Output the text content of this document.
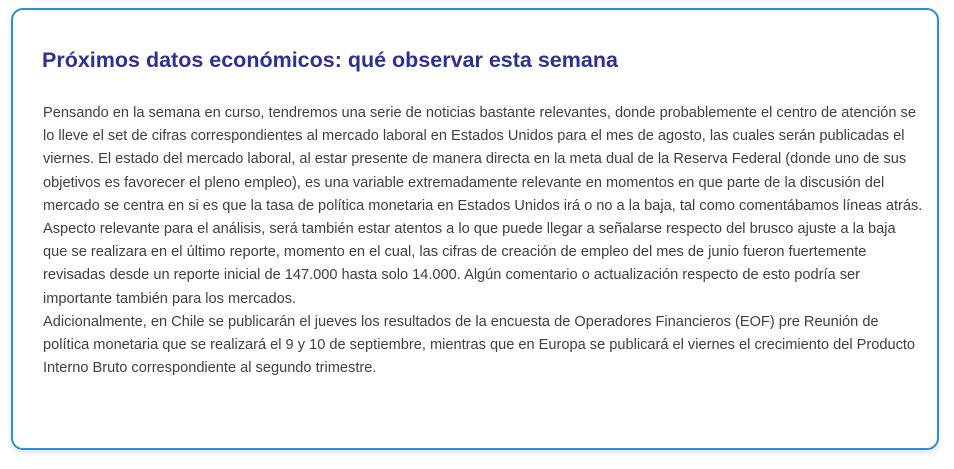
Próximos datos económicos: qué observar esta semana

Pensando en la semana en curso, tendremos una serie de noticias bastante relevantes, donde probablemente el centro de atención se lo lleve el set de cifras correspondientes al mercado laboral en Estados Unidos para el mes de agosto, las cuales serán publicadas el viernes. El estado del mercado laboral, al estar presente de manera directa en la meta dual de la Reserva Federal (donde uno de sus objetivos es favorecer el pleno empleo), es una variable extremadamente relevante en momentos en que parte de la discusión del mercado se centra en si es que la tasa de política monetaria en Estados Unidos irá o no a la baja, tal como comentábamos líneas atrás. Aspecto relevante para el análisis, será también estar atentos a lo que puede llegar a señalarse respecto del brusco ajuste a la baja que se realizara en el último reporte, momento en el cual, las cifras de creación de empleo del mes de junio fueron fuertemente revisadas desde un reporte inicial de 147.000 hasta solo 14.000. Algún comentario o actualización respecto de esto podría ser importante también para los mercados.

Adicionalmente, en Chile se publicarán el jueves los resultados de la encuesta de Operadores Financieros (EOF) pre Reunión de política monetaria que se realizará el 9 y 10 de septiembre, mientras que en Europa se publicará el viernes el crecimiento del Producto Interno Bruto correspondiente al segundo trimestre.
